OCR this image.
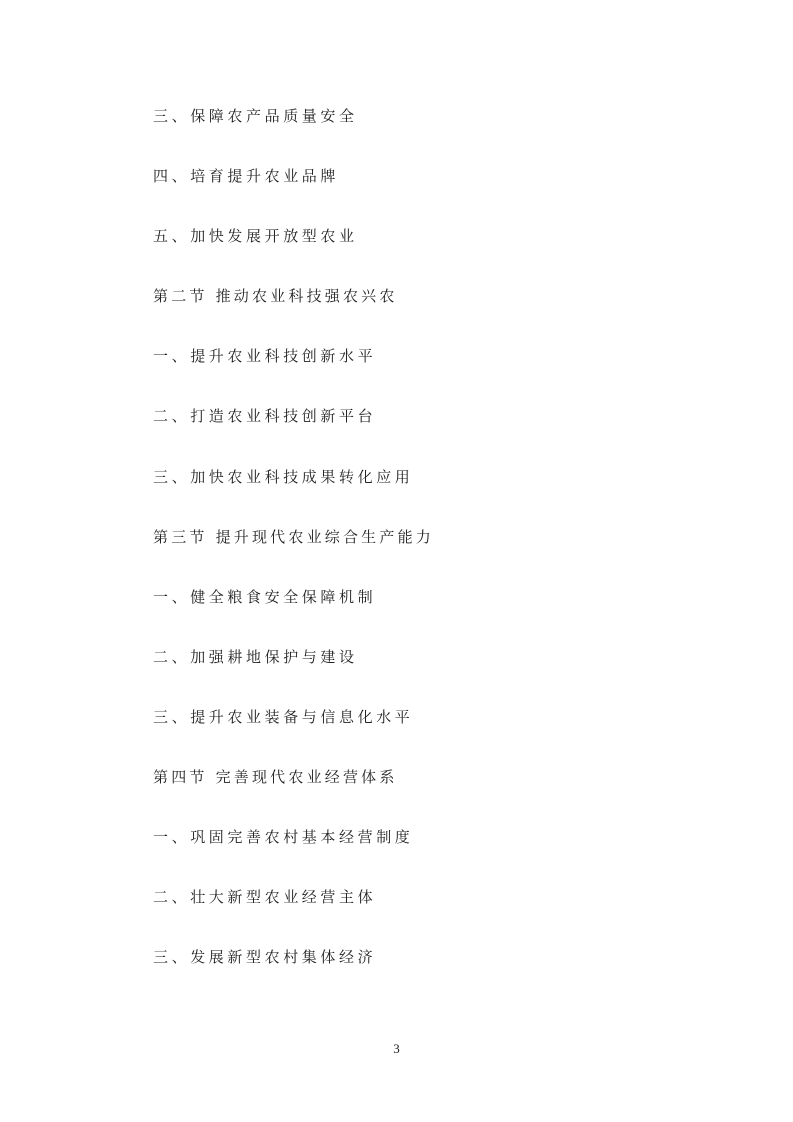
三、保障农产品质量安全
四、培育提升农业品牌
五、加快发展开放型农业
第二节 推动农业科技强农兴农
一、提升农业科技创新水平
二、打造农业科技创新平台
三、加快农业科技成果转化应用
第三节 提升现代农业综合生产能力
一、健全粮食安全保障机制
二、加强耕地保护与建设
三、提升农业装备与信息化水平
第四节 完善现代农业经营体系
一、巩固完善农村基本经营制度
二、壮大新型农业经营主体
三、发展新型农村集体经济
3
